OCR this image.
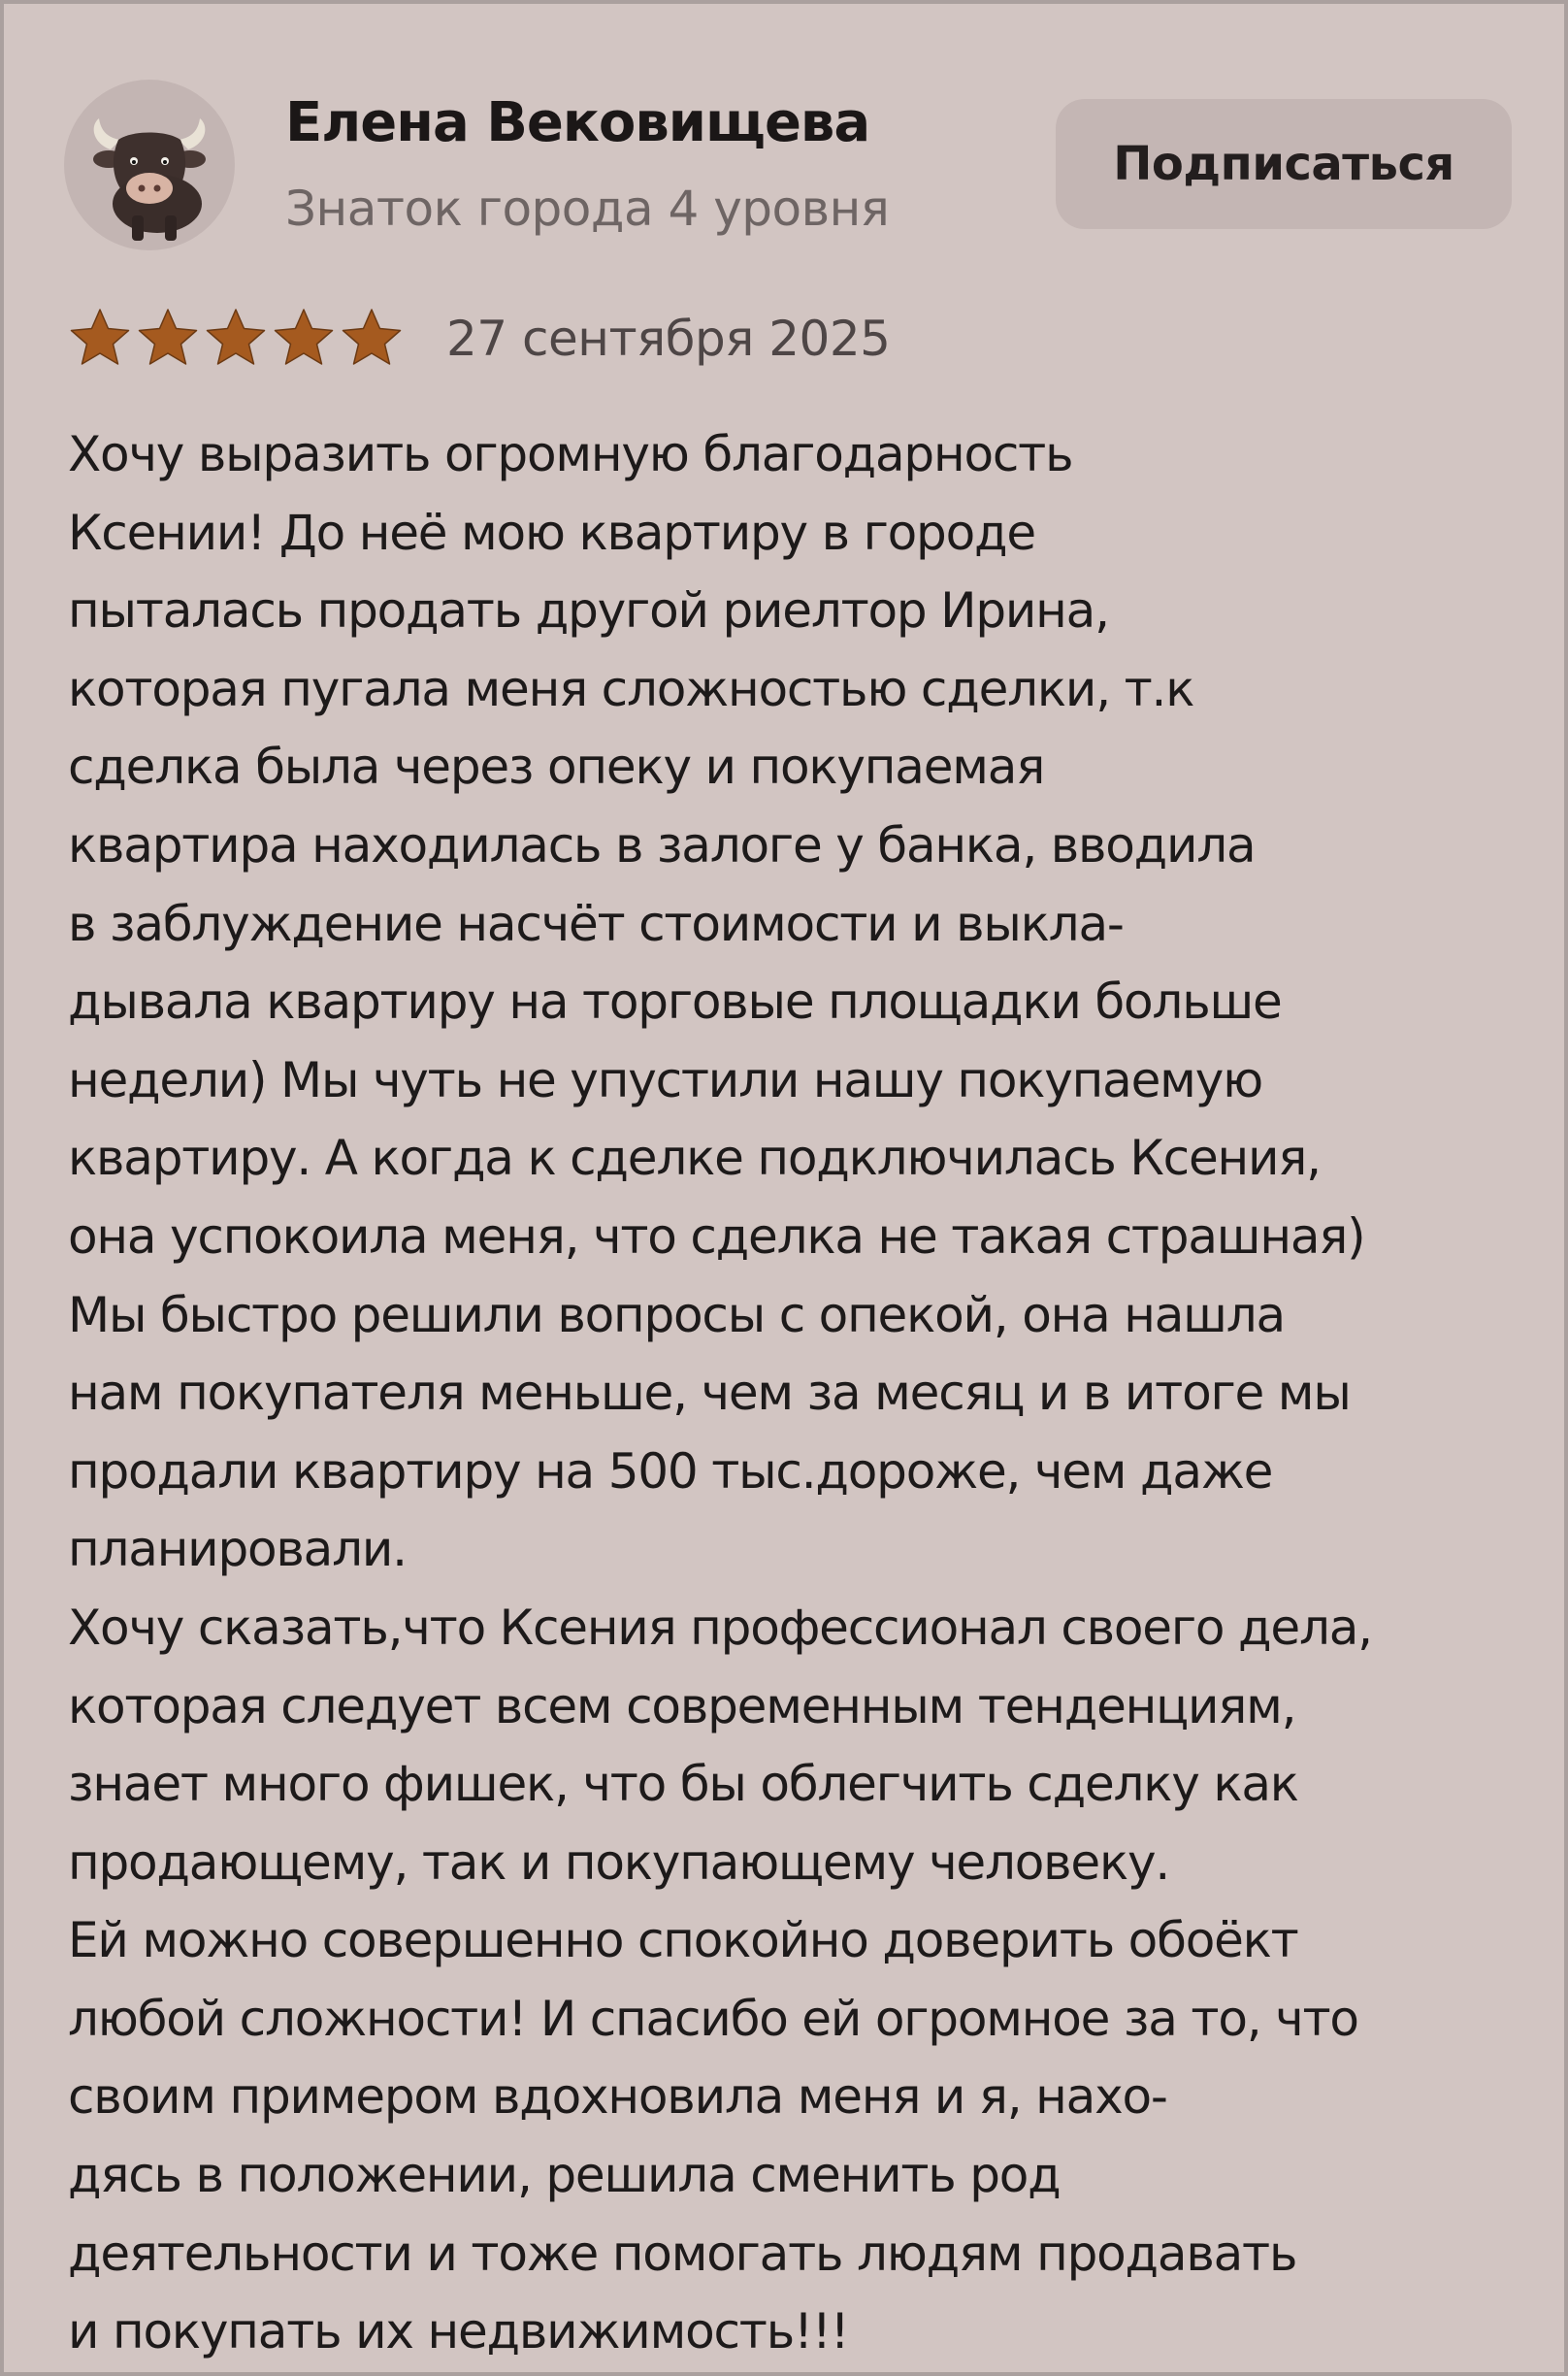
Елена Вековищева
Знаток города 4 уровня
Подписаться
27 сентября 2025
Хочу выразить огромную благодарность
Ксении! До неё мою квартиру в городе
пыталась продать другой риелтор Ирина,
которая пугала меня сложностью сделки, т.к
сделка была через опеку и покупаемая
квартира находилась в залоге у банка, вводила
в заблуждение насчёт стоимости и выкла-
дывала квартиру на торговые площадки больше
недели) Мы чуть не упустили нашу покупаемую
квартиру. А когда к сделке подключилась Ксения,
она успокоила меня, что сделка не такая страшная)
Мы быстро решили вопросы с опекой, она нашла
нам покупателя меньше, чем за месяц и в итоге мы
продали квартиру на 500 тыс.дороже, чем даже
планировали.
Хочу сказать,что Ксения профессионал своего дела,
которая следует всем современным тенденциям,
знает много фишек, что бы облегчить сделку как
продающему, так и покупающему человеку.
Ей можно совершенно спокойно доверить обоёкт
любой сложности! И спасибо ей огромное за то, что
своим примером вдохновила меня и я, нахо-
дясь в положении, решила сменить род
деятельности и тоже помогать людям продавать
и покупать их недвижимость!!!
